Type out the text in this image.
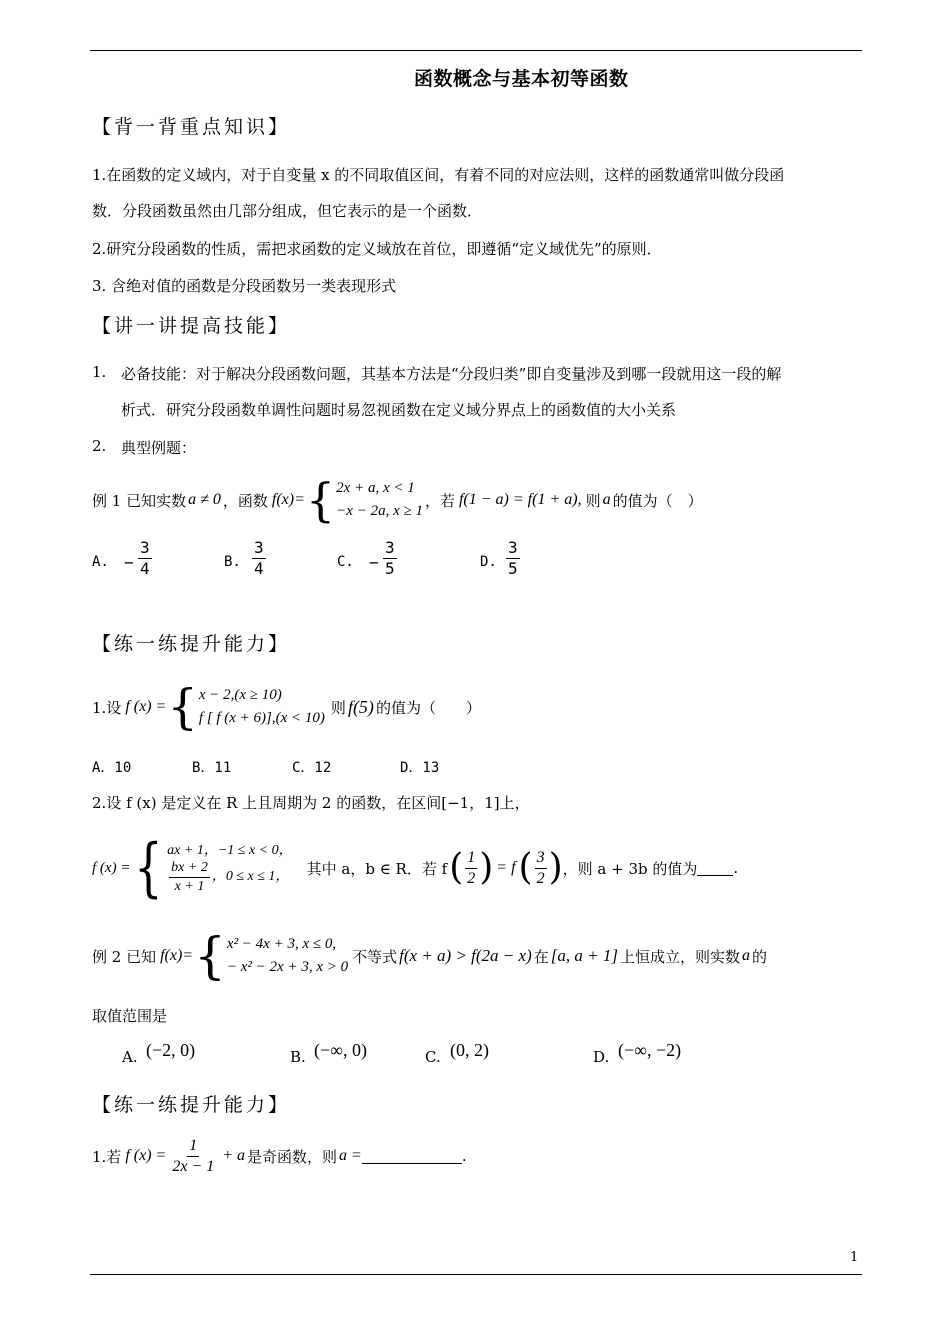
函数概念与基本初等函数
【背一背重点知识】
1.在函数的定义域内，对于自变量 x 的不同取值区间，有着不同的对应法则，这样的函数通常叫做分段函
数．分段函数虽然由几部分组成，但它表示的是一个函数．
2.研究分段函数的性质，需把求函数的定义域放在首位，即遵循“定义域优先”的原则．
3. 含绝对值的函数是分段函数另一类表现形式
【讲一讲提高技能】
1. 必备技能：对于解决分段函数问题，其基本方法是“分段归类”即自变量涉及到哪一段就用这一段的解
析式．研究分段函数单调性问题时易忽视函数在定义域分界点上的函数值的大小关系
2. 典型例题：
例 1 已知实数 a ≠ 0 ，函数 f(x)= { 2x + a, x < 1
−x − 2a, x ≥ 1
，若 f(1 − a) = f(1 + a), 则 a 的值为（　）
A. − $\frac{3}{4}$	B. $\frac{3}{4}$	C. − $\frac{3}{5}$	D. $\frac{3}{5}$
【练一练提升能力】
1.设 f (x) = { x − 2,(x ≥ 10)
f [ f (x + 6)],(x < 10)
则 f(5) 的值为（　　）
A．10	B．11	C．12	D．13
2.设 f (x) 是定义在 R 上且周期为 2 的函数，在区间[−1，1]上，
f (x) = { ax + 1，−1 ≤ x < 0，
$\frac{bx + 2}{x + 1}$ ，0 ≤ x ≤ 1， 其中 a，b ∈ R．若 f ( $\frac{1}{2}$ ) = f ( $\frac{3}{2}$ ) ，则 a + 3b 的值为 .
例 2 已知 f(x)= { x² − 4x + 3, x ≤ 0,
− x² − 2x + 3, x > 0
不等式 f(x + a) > f(2a − x) 在 [a, a + 1] 上恒成立，则实数 a 的
取值范围是
A. (−2, 0)	B. (−∞, 0)	C. (0, 2)	D. (−∞, −2)
【练一练提升能力】
1.若 f $(x) = \frac{1}{2x - 1} + a$ 是奇函数，则 a =	.
1
